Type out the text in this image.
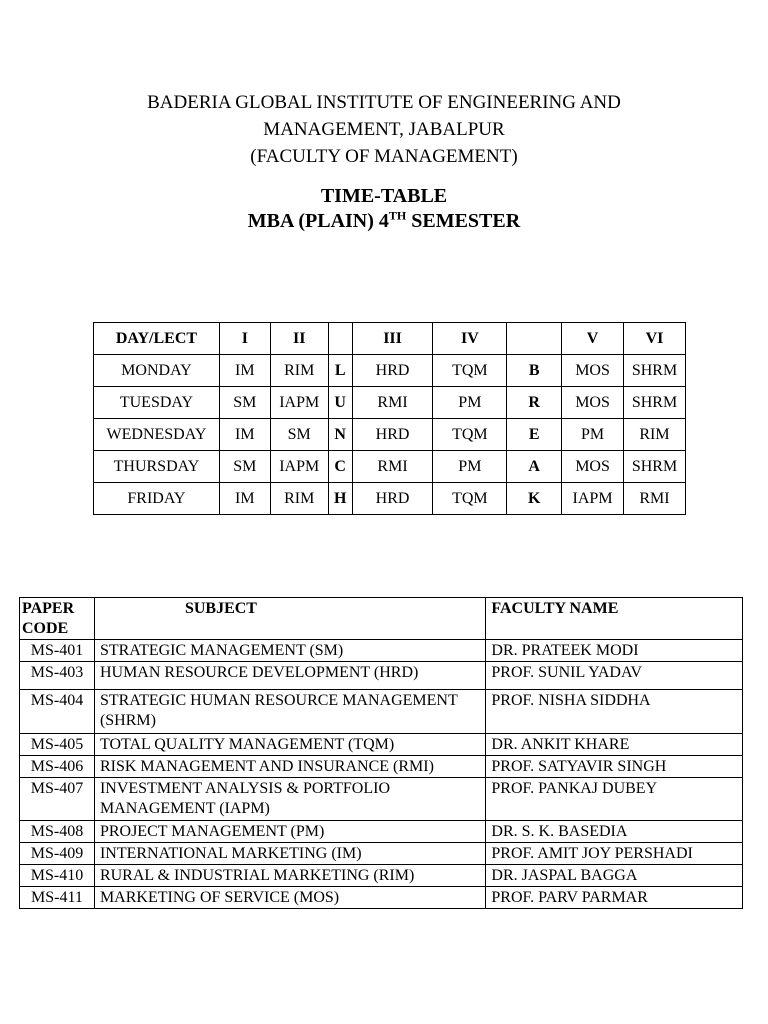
BADERIA GLOBAL INSTITUTE OF ENGINEERING AND
MANAGEMENT, JABALPUR
(FACULTY OF MANAGEMENT)
TIME-TABLE
MBA (PLAIN) 4TH SEMESTER
DAY/LECT	I	II		III	IV		V	VI
MONDAY	IM	RIM	L	HRD	TQM	B	MOS	SHRM
TUESDAY	SM	IAPM	U	RMI	PM	R	MOS	SHRM
WEDNESDAY	IM	SM	N	HRD	TQM	E	PM	RIM
THURSDAY	SM	IAPM	C	RMI	PM	A	MOS	SHRM
FRIDAY	IM	RIM	H	HRD	TQM	K	IAPM	RMI
PAPER CODE	SUBJECT	FACULTY NAME
MS-401	STRATEGIC MANAGEMENT (SM)	DR. PRATEEK MODI
MS-403	HUMAN RESOURCE DEVELOPMENT (HRD)	PROF. SUNIL YADAV
MS-404	STRATEGIC HUMAN RESOURCE MANAGEMENT (SHRM)	PROF. NISHA SIDDHA
MS-405	TOTAL QUALITY MANAGEMENT (TQM)	DR. ANKIT KHARE
MS-406	RISK MANAGEMENT AND INSURANCE (RMI)	PROF. SATYAVIR SINGH
MS-407	INVESTMENT ANALYSIS & PORTFOLIO MANAGEMENT (IAPM)	PROF. PANKAJ DUBEY
MS-408	PROJECT MANAGEMENT (PM)	DR. S. K. BASEDIA
MS-409	INTERNATIONAL MARKETING (IM)	PROF. AMIT JOY PERSHADI
MS-410	RURAL & INDUSTRIAL MARKETING (RIM)	DR. JASPAL BAGGA
MS-411	MARKETING OF SERVICE (MOS)	PROF. PARV PARMAR
